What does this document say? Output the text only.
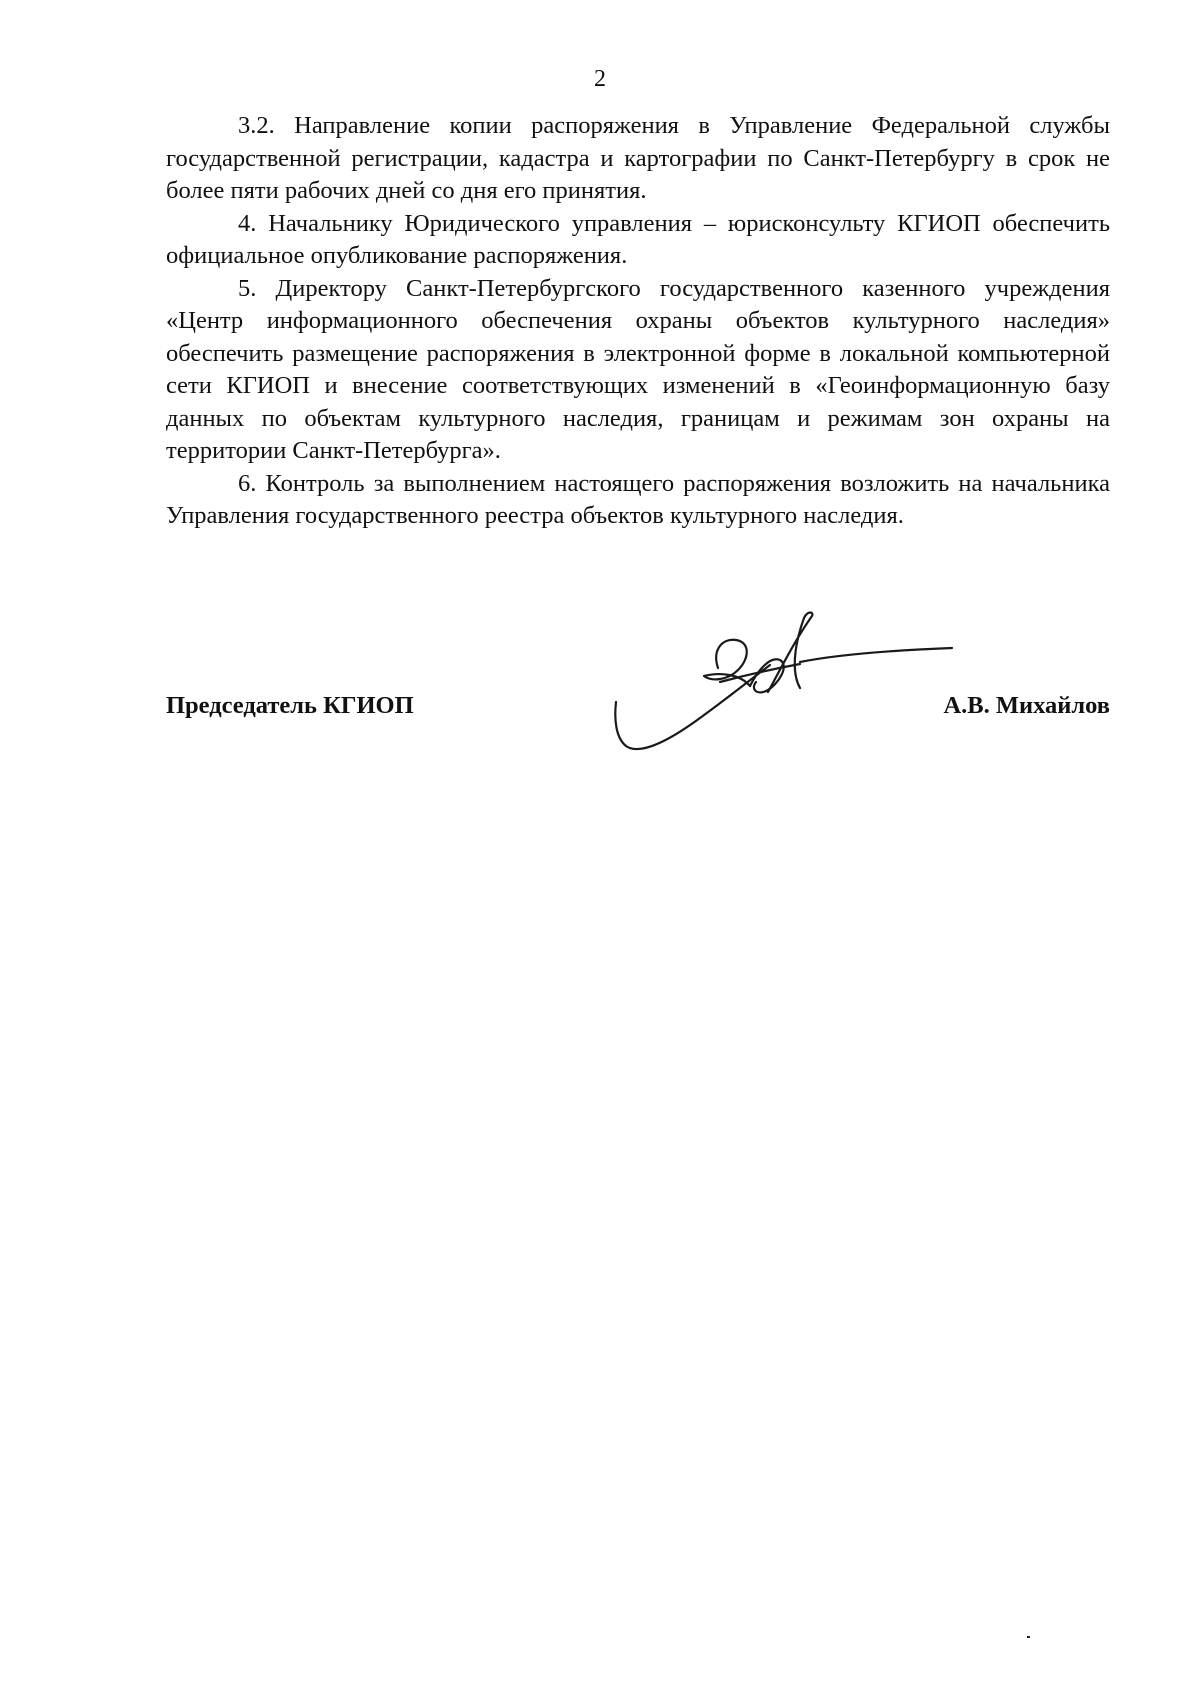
2

3.2. Направление копии распоряжения в Управление Федеральной службы государственной регистрации, кадастра и картографии по Санкт-Петербургу в срок не более пяти рабочих дней со дня его принятия.

4. Начальнику Юридического управления – юрисконсульту КГИОП обеспечить официальное опубликование распоряжения.

5. Директору Санкт-Петербургского государственного казенного учреждения «Центр информационного обеспечения охраны объектов культурного наследия» обеспечить размещение распоряжения в электронной форме в локальной компьютерной сети КГИОП и внесение соответствующих изменений в «Геоинформационную базу данных по объектам культурного наследия, границам и режимам зон охраны на территории Санкт-Петербурга».

6. Контроль за выполнением настоящего распоряжения возложить на начальника Управления государственного реестра объектов культурного наследия.

Председатель КГИОП	А.В. Михайлов
